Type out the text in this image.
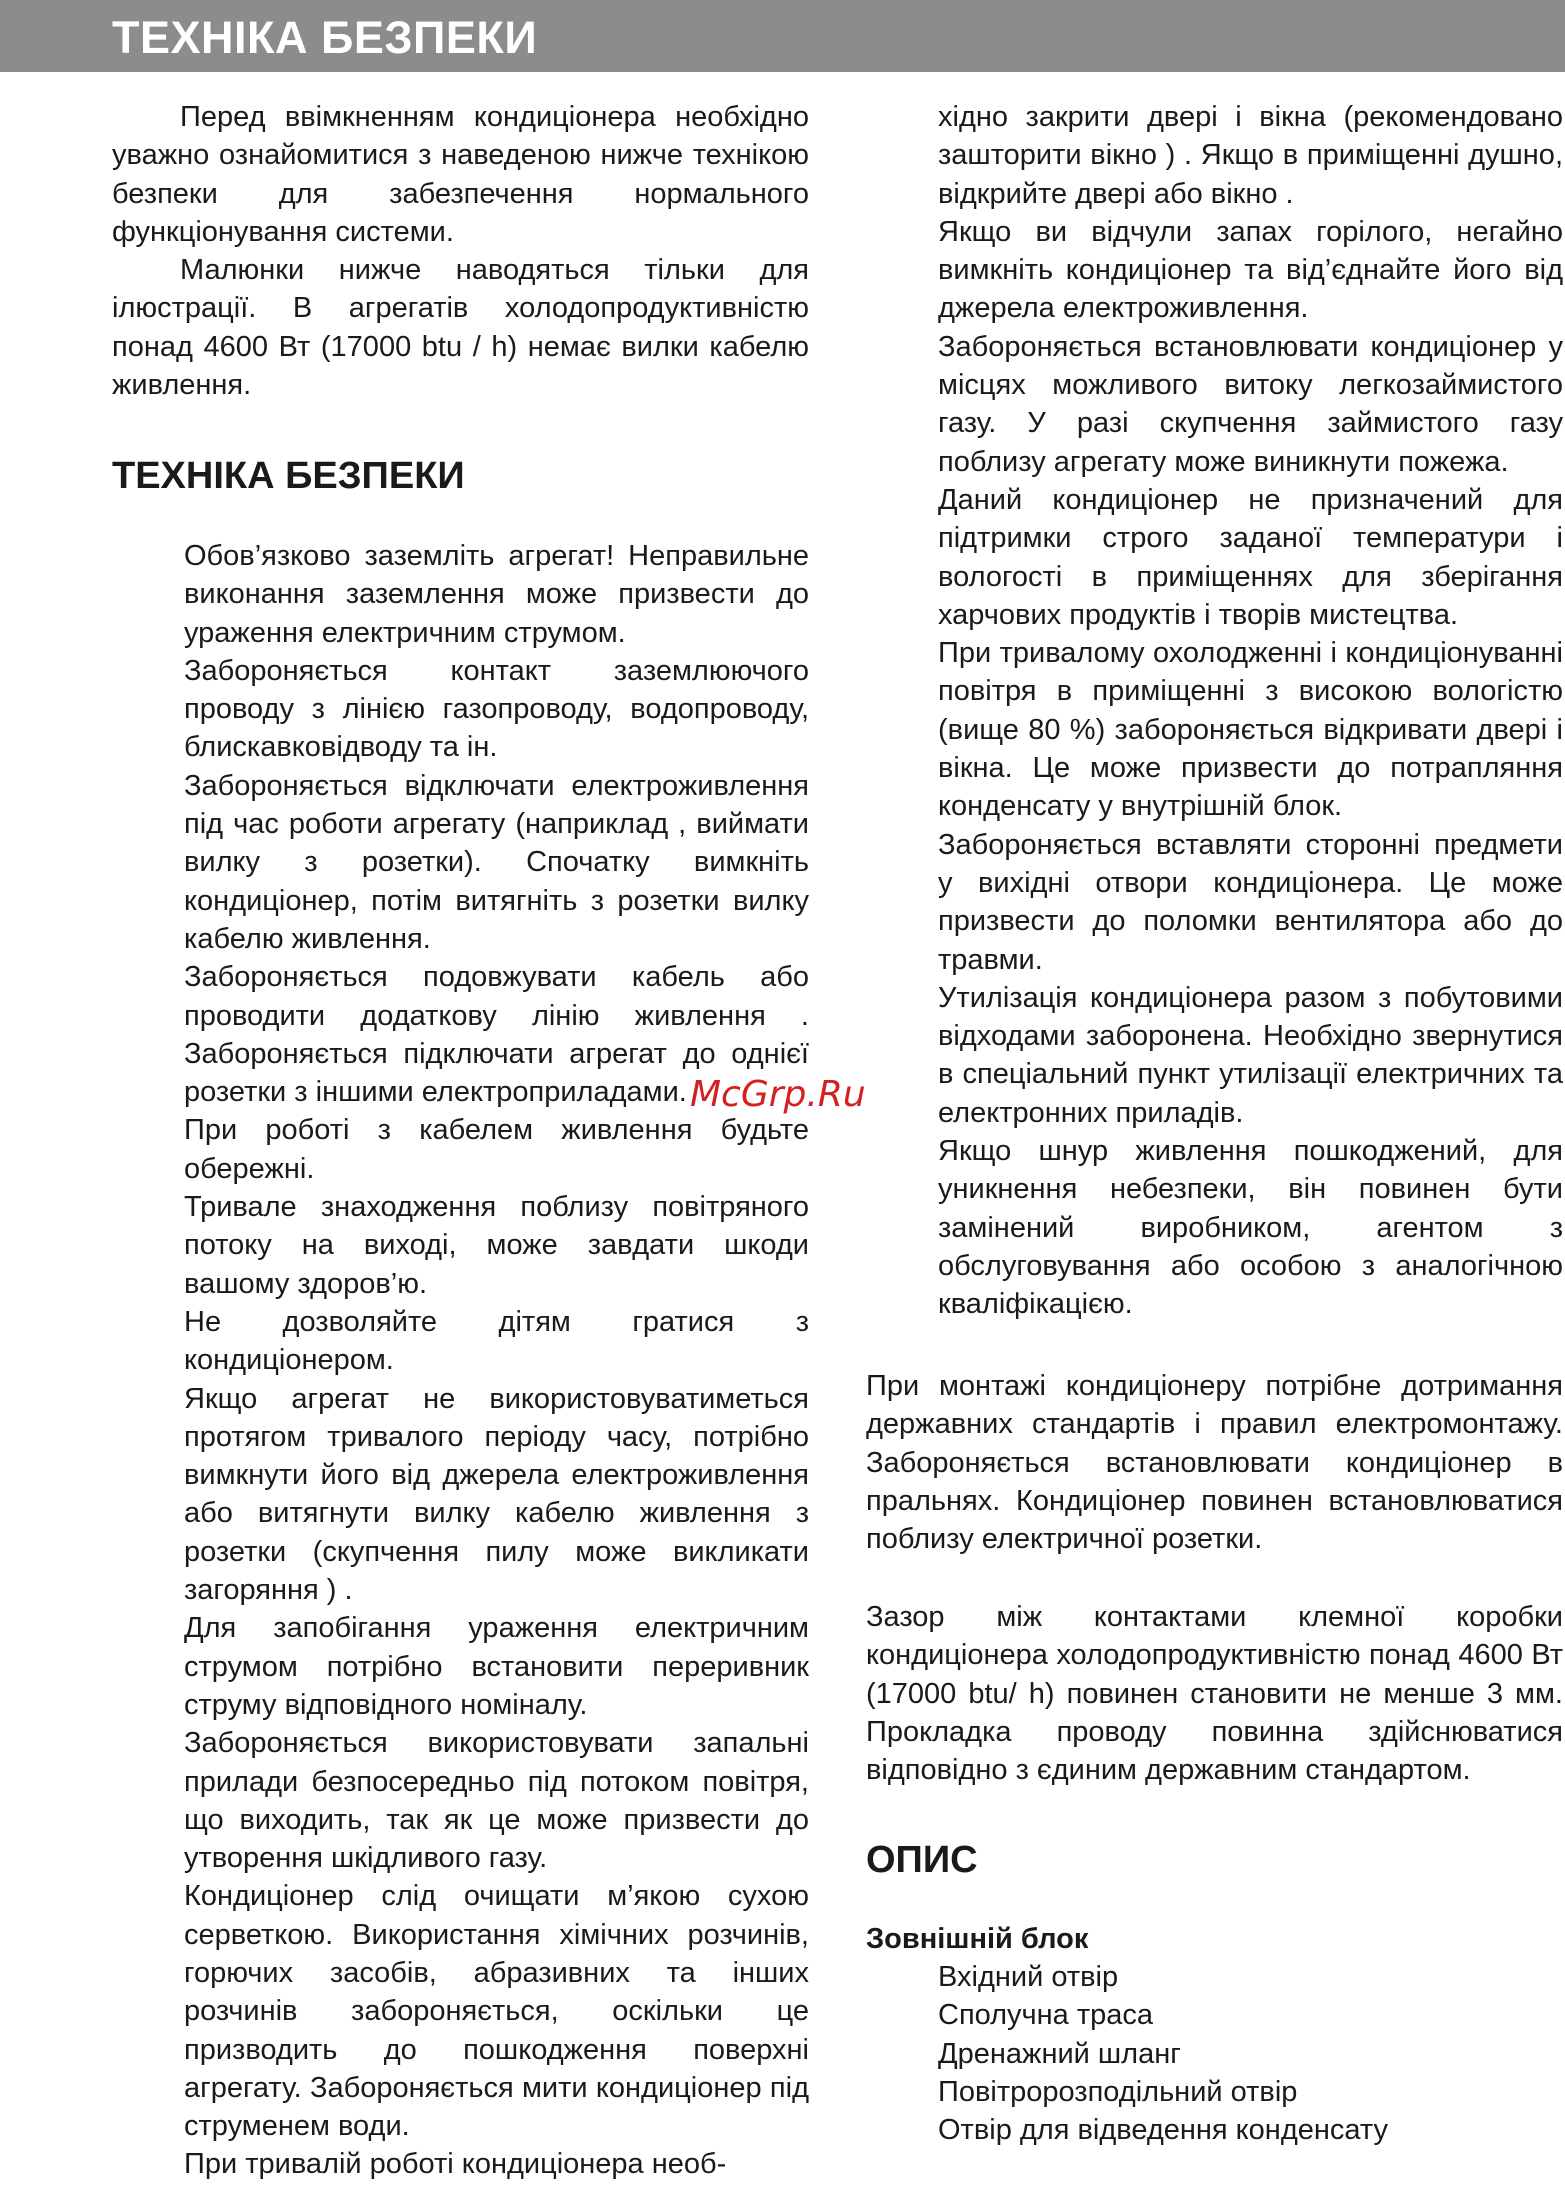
ТЕХНІКА БЕЗПЕКИ

Перед ввімкненням кондиціонера необхідно уважно ознайомитися з наведеною нижче технікою безпеки для забезпечення нормального функціонування системи.

Малюнки нижче наводяться тільки для ілюстрації. В агрегатів холодопродуктивністю понад 4600 Вт (17000 btu / h) немає вилки кабелю живлення.

ТЕХНІКА БЕЗПЕКИ

Обов’язково заземліть агрегат! Неправильне виконання заземлення може призвести до ураження електричним струмом.

Забороняється контакт заземлюючого проводу з лінією газопроводу, водопроводу, блискавковідводу та ін.

Забороняється відключати електроживлення під час роботи агрегату (наприклад , виймати вилку з розетки). Спочатку вимкніть кондиціонер, потім витягніть з розетки вилку кабелю живлення.

Забороняється подовжувати кабель або проводити додаткову лінію живлення . Забороняється підключати агрегат до однієї розетки з іншими електроприладами.

При роботі з кабелем живлення будьте обережні.

Тривале знаходження поблизу повітряного потоку на виході, може завдати шкоди вашому здоров’ю.

Не дозволяйте дітям гратися з кондиціонером.

Якщо агрегат не використовуватиметься протягом тривалого періоду часу, потрібно вимкнути його від джерела електроживлення або витягнути вилку кабелю живлення з розетки (скупчення пилу може викликати загоряння ) .

Для запобігання ураження електричним струмом потрібно встановити переривник струму відповідного номіналу.

Забороняється використовувати запальні прилади безпосередньо під потоком повітря, що виходить, так як це може призвести до утворення шкідливого газу.

Кондиціонер слід очищати м’якою сухою серветкою. Використання хімічних розчинів, горючих засобів, абразивних та інших розчинів забороняється, оскільки це призводить до пошкодження поверхні агрегату. Забороняється мити кондиціонер під струменем води.

При тривалій роботі кондиціонера необ-

хідно закрити двері і вікна (рекомендовано зашторити вікно ) . Якщо в приміщенні душно, відкрийте двері або вікно .

Якщо ви відчули запах горілого, негайно вимкніть кондиціонер та від’єднайте його від джерела електроживлення.

Забороняється встановлювати кондиціонер у місцях можливого витоку легкозаймистого газу. У разі скупчення займистого газу поблизу агрегату може виникнути пожежа.

Даний кондиціонер не призначений для підтримки строго заданої температури і вологості в приміщеннях для зберігання харчових продуктів і творів мистецтва.

При тривалому охолодженні і кондиціонуванні повітря в приміщенні з високою вологістю (вище 80 %) забороняється відкривати двері і вікна. Це може призвести до потрапляння конденсату у внутрішній блок.

Забороняється вставляти сторонні предмети у вихідні отвори кондиціонера. Це може призвести до поломки вентилятора або до травми.

Утилізація кондиціонера разом з побутовими відходами заборонена. Необхідно звернутися в спеціальний пункт утилізації електричних та електронних приладів.

Якщо шнур живлення пошкоджений, для уникнення небезпеки, він повинен бути замінений виробником, агентом з обслуговування або особою з аналогічною кваліфікацією.

При монтажі кондиціонеру потрібне дотримання державних стандартів і правил електромонтажу. Забороняється встановлювати кондиціонер в пральнях. Кондиціонер повинен встановлюватися поблизу електричної розетки.

Зазор між контактами клемної коробки кондиціонера холодопродуктивністю понад 4600 Вт (17000 btu/ h) повинен становити не менше 3 мм. Прокладка проводу повинна здійснюватися відповідно з єдиним державним стандартом.

ОПИС
Зовнішній блок
Вхідний отвір
Сполучна траса
Дренажний шланг
Повітророзподільний отвір
Отвір для відведення конденсату
McGrp.Ru
